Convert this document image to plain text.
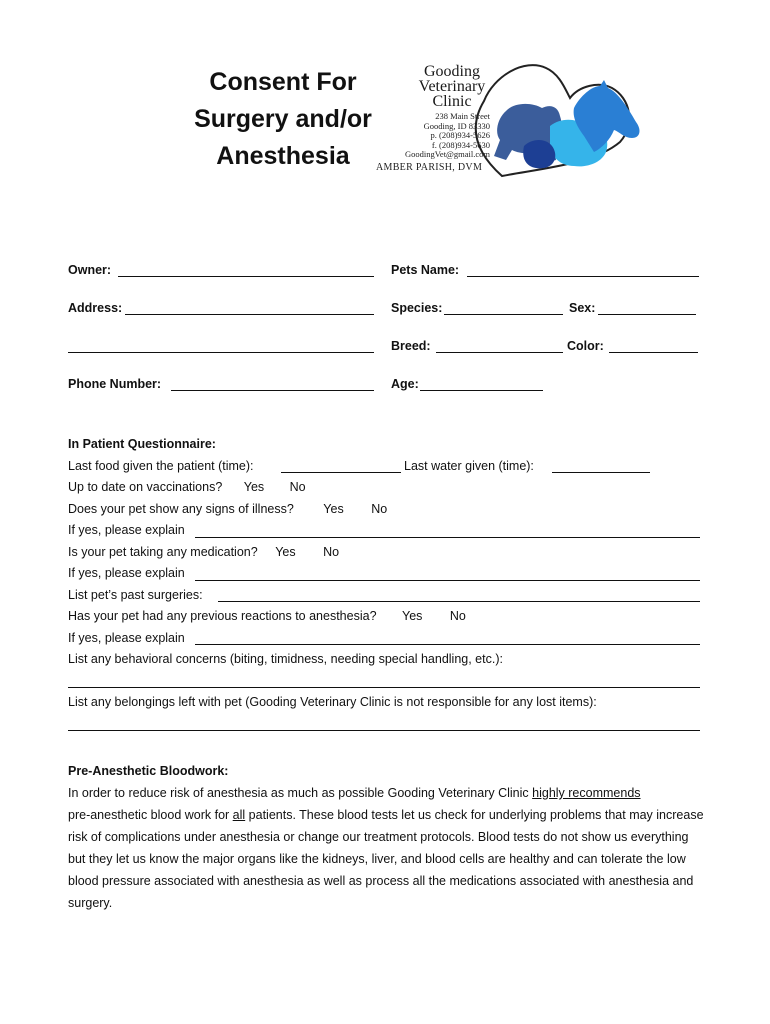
Consent For
Surgery and/or
Anesthesia
Gooding
Veterinary
Clinic
238 Main Street
Gooding, ID 83330
p. (208)934-5626
f. (208)934-5630
GoodingVet@gmail.com
AMBER PARISH, DVM
Owner:	Pets Name:
Address:	Species:	Sex:
Breed:	Color:
Phone Number:	Age:
In Patient Questionnaire:
Last food given the patient (time):	Last water given (time):
Up to date on vaccinations? Yes No
Does your pet show any signs of illness? Yes No
If yes, please explain
Is your pet taking any medication? Yes No
If yes, please explain
List pet’s past surgeries:
Has your pet had any previous reactions to anesthesia? Yes No
If yes, please explain
List any behavioral concerns (biting, timidness, needing special handling, etc.):
List any belongings left with pet (Gooding Veterinary Clinic is not responsible for any lost items):
Pre-Anesthetic Bloodwork:
In order to reduce risk of anesthesia as much as possible Gooding Veterinary Clinic highly recommends
pre-anesthetic blood work for all patients. These blood tests let us check for underlying problems that may increase risk of complications under anesthesia or change our treatment protocols. Blood tests do not show us everything but they let us know the major organs like the kidneys, liver, and blood cells are healthy and can tolerate the low blood pressure associated with anesthesia as well as process all the medications associated with anesthesia and surgery.
